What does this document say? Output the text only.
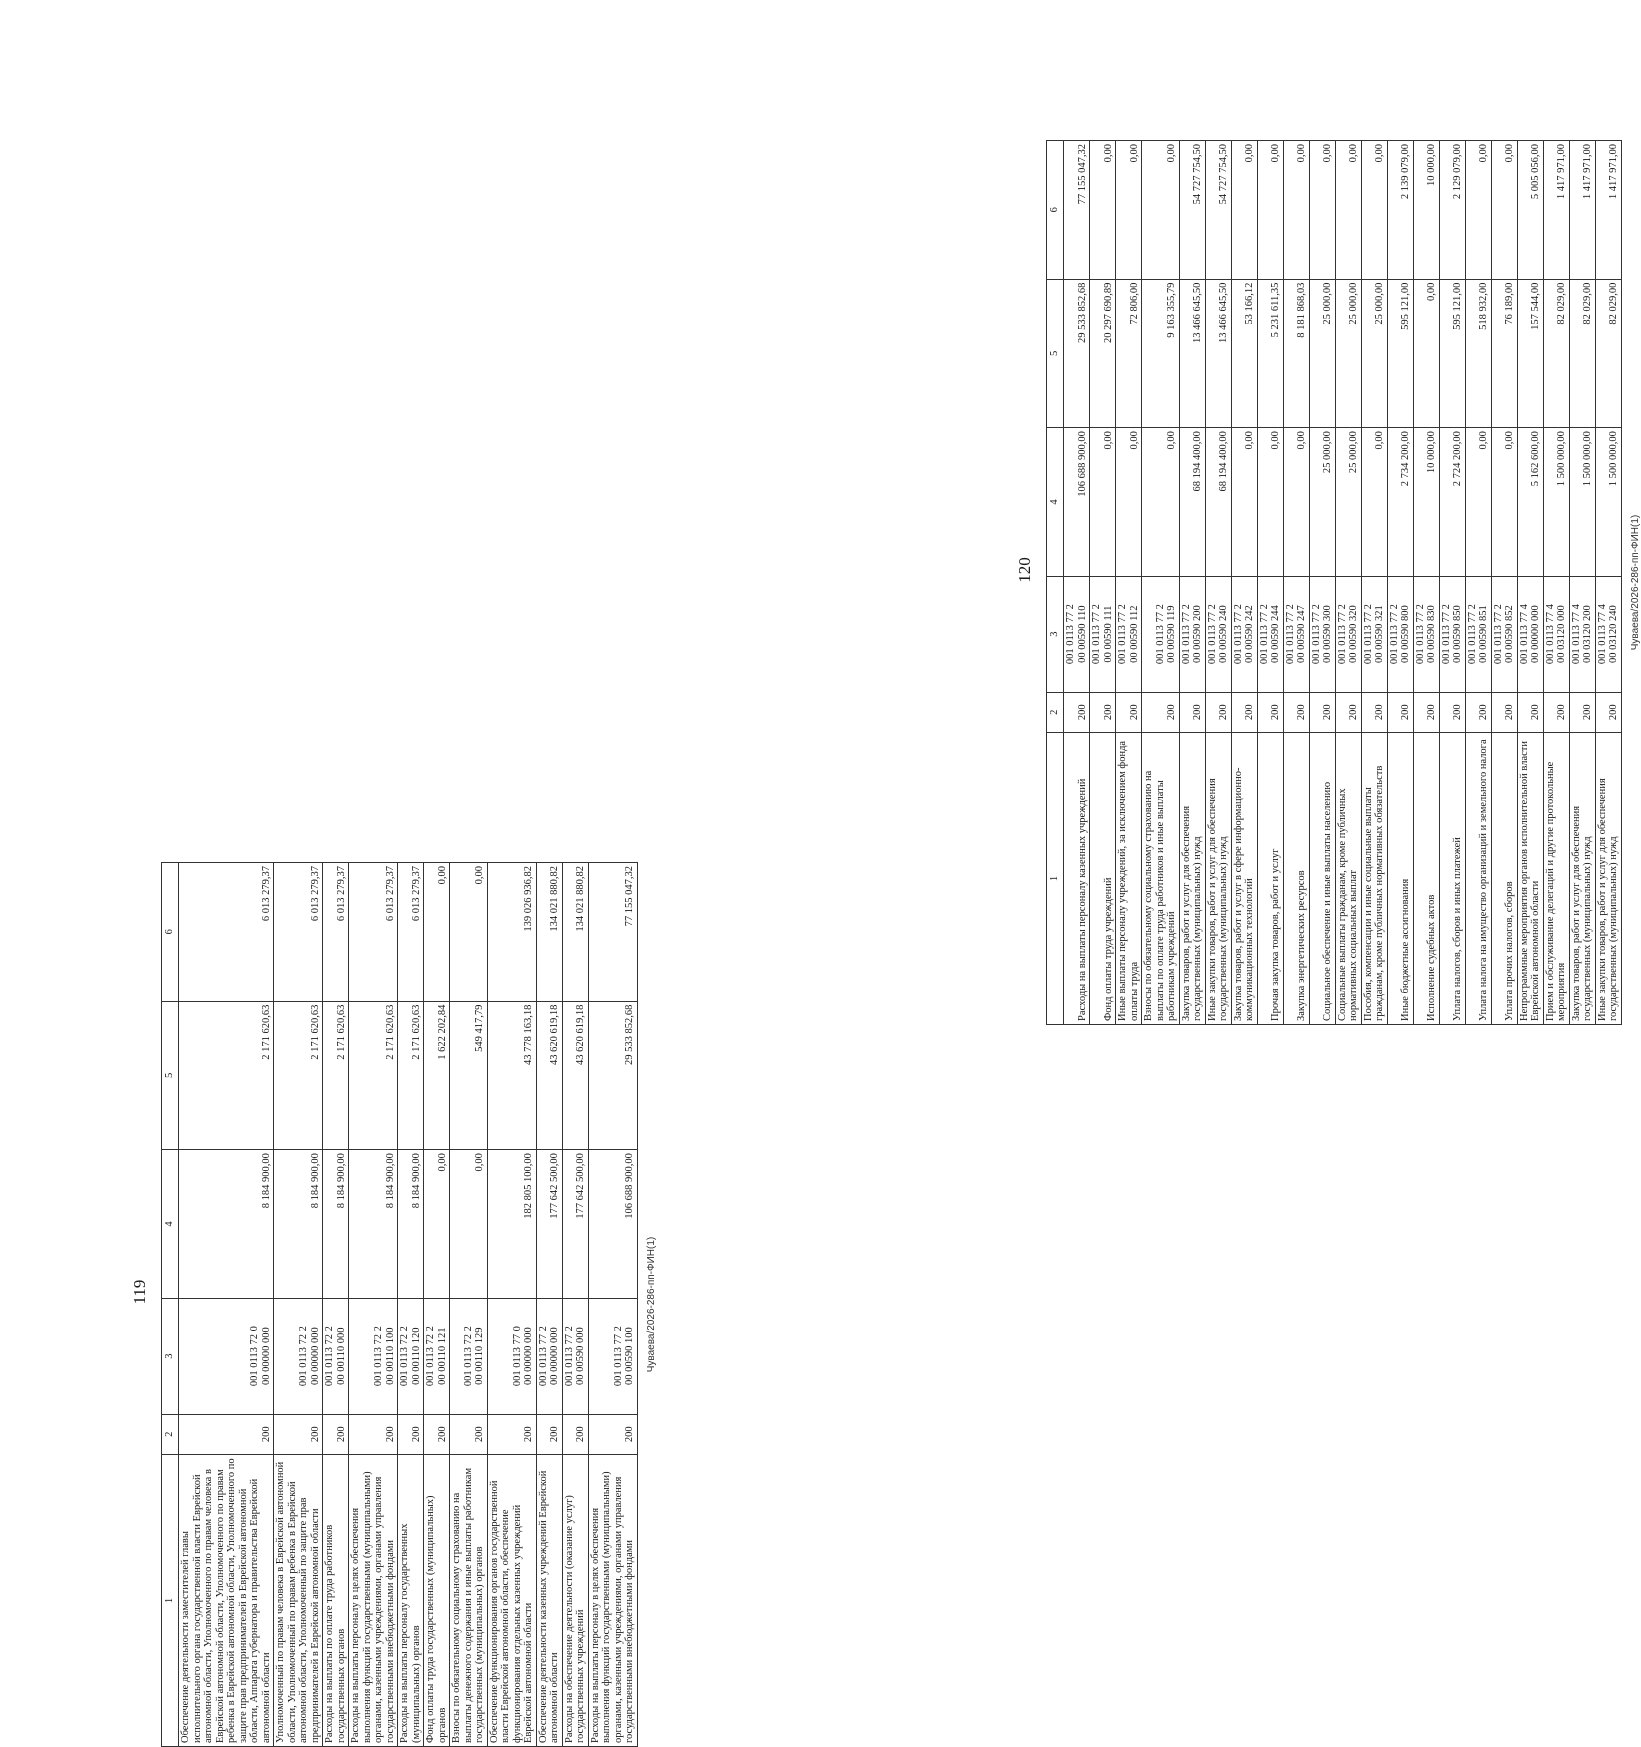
119
1	2	3	4	5	6
Обеспечение деятельности заместителей главы исполнительного органа государственной власти Еврейской автономной области, Уполномоченного по правам человека в Еврейской автономной области, Уполномоченного по правам ребенка в Еврейской автономной области, Уполномоченного по защите прав предпринимателей в Еврейской автономной области, Аппарата губернатора и правительства Еврейской автономной области	200	001 0113 72 0 00 00000 000	8 184 900,00	2 171 620,63	6 013 279,37
Уполномоченный по правам человека в Еврейской автономной области, Уполномоченный по правам ребенка в Еврейской автономной области, Уполномоченный по защите прав предпринимателей в Еврейской автономной области	200	001 0113 72 2 00 00000 000	8 184 900,00	2 171 620,63	6 013 279,37
Расходы на выплаты по оплате труда работников государственных органов	200	001 0113 72 2 00 00110 000	8 184 900,00	2 171 620,63	6 013 279,37
Расходы на выплаты персоналу в целях обеспечения выполнения функций государственными (муниципальными) органами, казенными учреждениями, органами управления государственными внебюджетными фондами	200	001 0113 72 2 00 00110 100	8 184 900,00	2 171 620,63	6 013 279,37
Расходы на выплаты персоналу государственных (муниципальных) органов	200	001 0113 72 2 00 00110 120	8 184 900,00	2 171 620,63	6 013 279,37
Фонд оплаты труда государственных (муниципальных) органов	200	001 0113 72 2 00 00110 121	0,00	1 622 202,84	0,00
Взносы по обязательному социальному страхованию на выплаты денежного содержания и иные выплаты работникам государственных (муниципальных) органов	200	001 0113 72 2 00 00110 129	0,00	549 417,79	0,00
Обеспечение функционирования органов государственной власти Еврейской автономной области, обеспечение функционирования отдельных казенных учреждений Еврейской автономной области	200	001 0113 77 0 00 00000 000	182 805 100,00	43 778 163,18	139 026 936,82
Обеспечение деятельности казенных учреждений Еврейской автономной области	200	001 0113 77 2 00 00000 000	177 642 500,00	43 620 619,18	134 021 880,82
Расходы на обеспечение деятельности (оказание услуг) государственных учреждений	200	001 0113 77 2 00 00590 000	177 642 500,00	43 620 619,18	134 021 880,82
Расходы на выплаты персоналу в целях обеспечения выполнения функций государственными (муниципальными) органами, казенными учреждениями, органами управления государственными внебюджетными фондами	200	001 0113 77 2 00 00590 100	106 688 900,00	29 533 852,68	77 155 047,32
Чуваева/2026-286-пп-ФИН(1)
120
1	2	3	4	5	6
Расходы на выплаты персоналу казенных учреждений	200	001 0113 77 2 00 00590 110	106 688 900,00	29 533 852,68	77 155 047,32
Фонд оплаты труда учреждений	200	001 0113 77 2 00 00590 111	0,00	20 297 690,89	0,00
Иные выплаты персоналу учреждений, за исключением фонда оплаты труда	200	001 0113 77 2 00 00590 112	0,00	72 806,00	0,00
Взносы по обязательному социальному страхованию на выплаты по оплате труда работников и иные выплаты работникам учреждений	200	001 0113 77 2 00 00590 119	0,00	9 163 355,79	0,00
Закупка товаров, работ и услуг для обеспечения государственных (муниципальных) нужд	200	001 0113 77 2 00 00590 200	68 194 400,00	13 466 645,50	54 727 754,50
Иные закупки товаров, работ и услуг для обеспечения государственных (муниципальных) нужд	200	001 0113 77 2 00 00590 240	68 194 400,00	13 466 645,50	54 727 754,50
Закупка товаров, работ и услуг в сфере информационно-коммуникационных технологий	200	001 0113 77 2 00 00590 242	0,00	53 166,12	0,00
Прочая закупка товаров, работ и услуг	200	001 0113 77 2 00 00590 244	0,00	5 231 611,35	0,00
Закупка энергетических ресурсов	200	001 0113 77 2 00 00590 247	0,00	8 181 868,03	0,00
Социальное обеспечение и иные выплаты населению	200	001 0113 77 2 00 00590 300	25 000,00	25 000,00	0,00
Социальные выплаты гражданам, кроме публичных нормативных социальных выплат	200	001 0113 77 2 00 00590 320	25 000,00	25 000,00	0,00
Пособия, компенсации и иные социальные выплаты гражданам, кроме публичных нормативных обязательств	200	001 0113 77 2 00 00590 321	0,00	25 000,00	0,00
Иные бюджетные ассигнования	200	001 0113 77 2 00 00590 800	2 734 200,00	595 121,00	2 139 079,00
Исполнение судебных актов	200	001 0113 77 2 00 00590 830	10 000,00	0,00	10 000,00
Уплата налогов, сборов и иных платежей	200	001 0113 77 2 00 00590 850	2 724 200,00	595 121,00	2 129 079,00
Уплата налога на имущество организаций и земельного налога	200	001 0113 77 2 00 00590 851	0,00	518 932,00	0,00
Уплата прочих налогов, сборов	200	001 0113 77 2 00 00590 852	0,00	76 189,00	0,00
Непрограммные мероприятия органов исполнительной власти Еврейской автономной области	200	001 0113 77 4 00 00000 000	5 162 600,00	157 544,00	5 005 056,00
Прием и обслуживание делегаций и другие протокольные мероприятия	200	001 0113 77 4 00 03120 000	1 500 000,00	82 029,00	1 417 971,00
Закупка товаров, работ и услуг для обеспечения государственных (муниципальных) нужд	200	001 0113 77 4 00 03120 200	1 500 000,00	82 029,00	1 417 971,00
Иные закупки товаров, работ и услуг для обеспечения государственных (муниципальных) нужд	200	001 0113 77 4 00 03120 240	1 500 000,00	82 029,00	1 417 971,00
Чуваева/2026-286-пп-ФИН(1)
